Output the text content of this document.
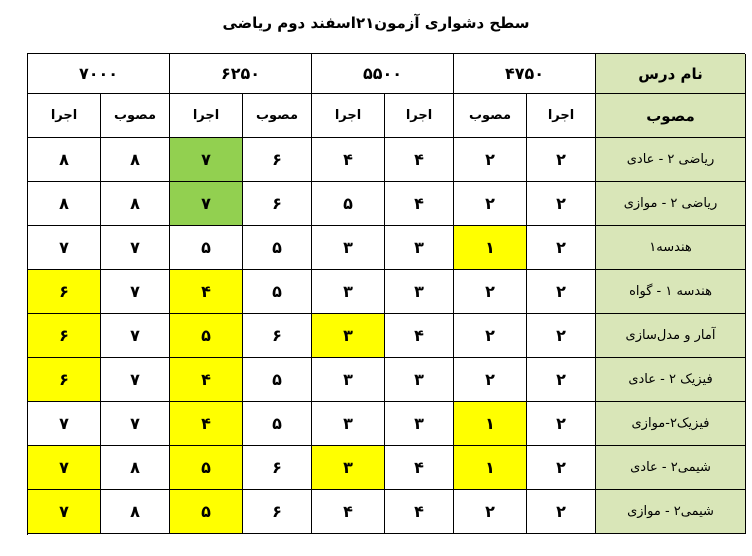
سطح دشواری آزمون۲۱اسفند دوم ریاضی
۷۰۰۰	۶۲۵۰	۵۵۰۰	۴۷۵۰	نام درس
اجرا	مصوب	اجرا	مصوب	اجرا	اجرا	مصوب	اجرا	مصوب
۸	۸	۷	۶	۴	۴	۲	۲	ریاضی ۲ - عادی
۸	۸	۷	۶	۵	۴	۲	۲	ریاضی ۲ - موازی
۷	۷	۵	۵	۳	۳	۱	۲	هندسه۱
۶	۷	۴	۵	۳	۳	۲	۲	هندسه ۱ - گواه
۶	۷	۵	۶	۳	۴	۲	۲	آمار و مدل‌سازی
۶	۷	۴	۵	۳	۳	۲	۲	فیزیک ۲ - عادی
۷	۷	۴	۵	۳	۳	۱	۲	فیزیک۲-موازی
۷	۸	۵	۶	۳	۴	۱	۲	شیمی۲ - عادی
۷	۸	۵	۶	۴	۴	۲	۲	شیمی۲ - موازی
